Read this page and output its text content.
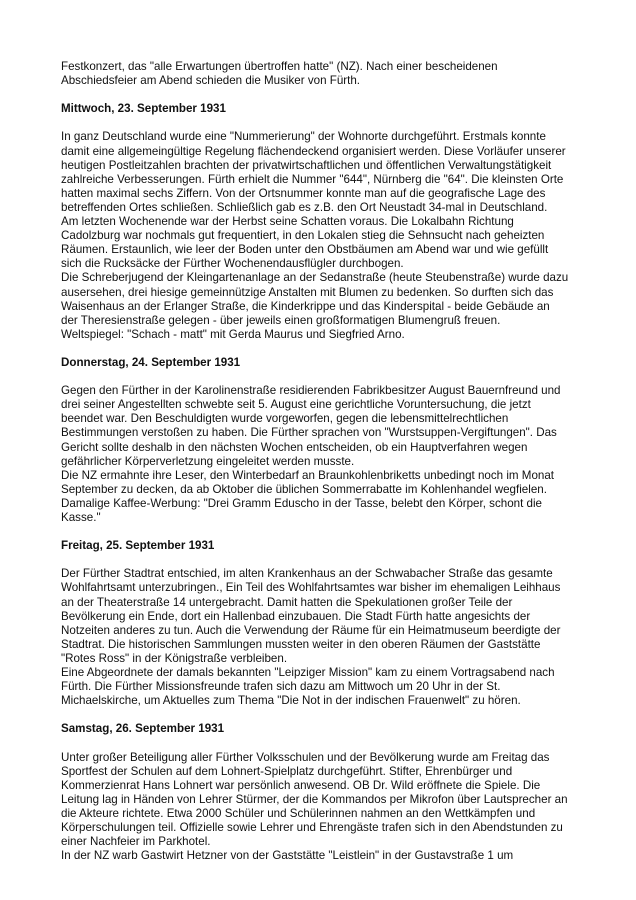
Festkonzert, das "alle Erwartungen übertroffen hatte" (NZ). Nach einer bescheidenen
Abschiedsfeier am Abend schieden die Musiker von Fürth.
Mittwoch, 23. September 1931
In ganz Deutschland wurde eine "Nummerierung" der Wohnorte durchgeführt. Erstmals konnte
damit eine allgemeingültige Regelung flächendeckend organisiert werden. Diese Vorläufer unserer
heutigen Postleitzahlen brachten der privatwirtschaftlichen und öffentlichen Verwaltungstätigkeit
zahlreiche Verbesserungen. Fürth erhielt die Nummer "644", Nürnberg die "64". Die kleinsten Orte
hatten maximal sechs Ziffern. Von der Ortsnummer konnte man auf die geografische Lage des
betreffenden Ortes schließen. Schließlich gab es z.B. den Ort Neustadt 34-mal in Deutschland.
Am letzten Wochenende war der Herbst seine Schatten voraus. Die Lokalbahn Richtung
Cadolzburg war nochmals gut frequentiert, in den Lokalen stieg die Sehnsucht nach geheizten
Räumen. Erstaunlich, wie leer der Boden unter den Obstbäumen am Abend war und wie gefüllt
sich die Rucksäcke der Fürther Wochenendausflügler durchbogen.
Die Schreberjugend der Kleingartenanlage an der Sedanstraße (heute Steubenstraße) wurde dazu
ausersehen, drei hiesige gemeinnützige Anstalten mit Blumen zu bedenken. So durften sich das
Waisenhaus an der Erlanger Straße, die Kinderkrippe und das Kinderspital - beide Gebäude an
der Theresienstraße gelegen - über jeweils einen großformatigen Blumengruß freuen.
Weltspiegel: "Schach - matt" mit Gerda Maurus und Siegfried Arno.
Donnerstag, 24. September 1931
Gegen den Fürther in der Karolinenstraße residierenden Fabrikbesitzer August Bauernfreund und
drei seiner Angestellten schwebte seit 5. August eine gerichtliche Voruntersuchung, die jetzt
beendet war. Den Beschuldigten wurde vorgeworfen, gegen die lebensmittelrechtlichen
Bestimmungen verstoßen zu haben. Die Fürther sprachen von "Wurstsuppen-Vergiftungen". Das
Gericht sollte deshalb in den nächsten Wochen entscheiden, ob ein Hauptverfahren wegen
gefährlicher Körperverletzung eingeleitet werden musste.
Die NZ ermahnte ihre Leser, den Winterbedarf an Braunkohlenbriketts unbedingt noch im Monat
September zu decken, da ab Oktober die üblichen Sommerrabatte im Kohlenhandel wegfielen.
Damalige Kaffee-Werbung: "Drei Gramm Eduscho in der Tasse, belebt den Körper, schont die
Kasse."
Freitag, 25. September 1931
Der Fürther Stadtrat entschied, im alten Krankenhaus an der Schwabacher Straße das gesamte
Wohlfahrtsamt unterzubringen., Ein Teil des Wohlfahrtsamtes war bisher im ehemaligen Leihhaus
an der Theaterstraße 14 untergebracht. Damit hatten die Spekulationen großer Teile der
Bevölkerung ein Ende, dort ein Hallenbad einzubauen. Die Stadt Fürth hatte angesichts der
Notzeiten anderes zu tun. Auch die Verwendung der Räume für ein Heimatmuseum beerdigte der
Stadtrat. Die historischen Sammlungen mussten weiter in den oberen Räumen der Gaststätte
"Rotes Ross" in der Königstraße verbleiben.
Eine Abgeordnete der damals bekannten "Leipziger Mission" kam zu einem Vortragsabend nach
Fürth. Die Fürther Missionsfreunde trafen sich dazu am Mittwoch um 20 Uhr in der St.
Michaelskirche, um Aktuelles zum Thema "Die Not in der indischen Frauenwelt" zu hören.
Samstag, 26. September 1931
Unter großer Beteiligung aller Fürther Volksschulen und der Bevölkerung wurde am Freitag das
Sportfest der Schulen auf dem Lohnert-Spielplatz durchgeführt. Stifter, Ehrenbürger und
Kommerzienrat Hans Lohnert war persönlich anwesend. OB Dr. Wild eröffnete die Spiele. Die
Leitung lag in Händen von Lehrer Stürmer, der die Kommandos per Mikrofon über Lautsprecher an
die Akteure richtete. Etwa 2000 Schüler und Schülerinnen nahmen an den Wettkämpfen und
Körperschulungen teil. Offizielle sowie Lehrer und Ehrengäste trafen sich in den Abendstunden zu
einer Nachfeier im Parkhotel.
In der NZ warb Gastwirt Hetzner von der Gaststätte "Leistlein" in der Gustavstraße 1 um
